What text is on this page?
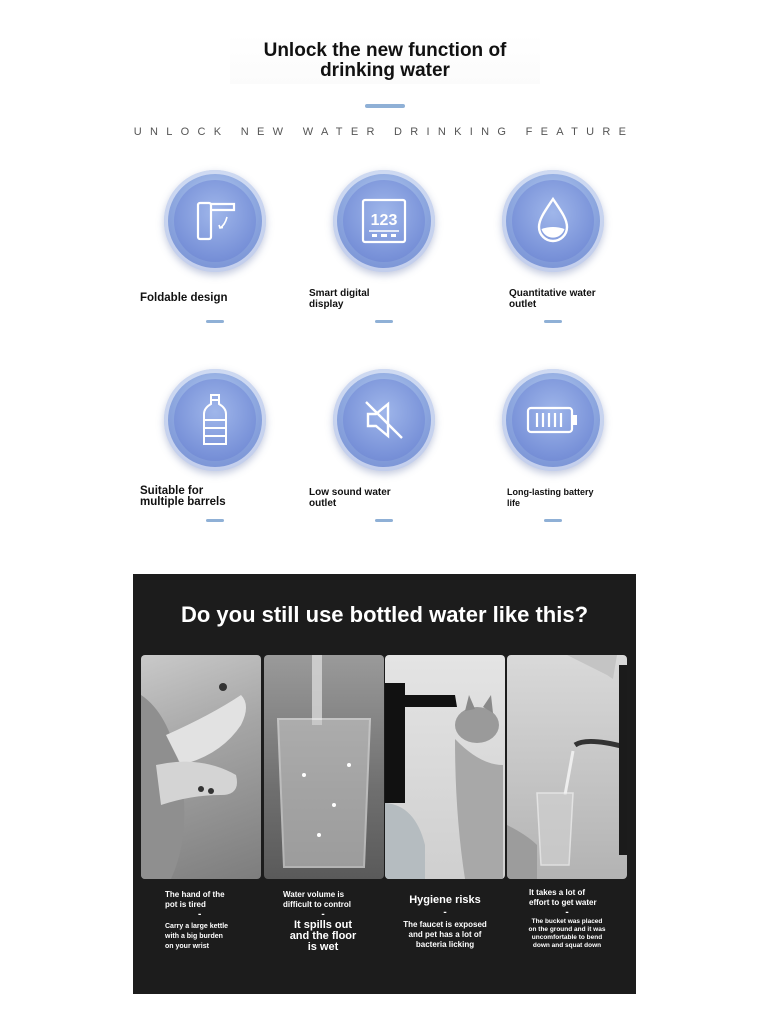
Unlock the new function of
drinking water
UNLOCK NEW WATER DRINKING FEATURE
Foldable design
123
Smart digital
display
Quantitative water
outlet
Suitable for
multiple barrels
Low sound water
outlet
Long-lasting battery
life
Do you still use bottled water like this?
The hand of the
pot is tired
-
Carry a large kettle
with a big burden
on your wrist
Water volume is
difficult to control
-
It spills out
and the floor
is wet
Hygiene risks
-
The faucet is exposed
and pet has a lot of
bacteria licking
It takes a lot of
effort to get water
-
The bucket was placed
on the ground and it was
uncomfortable to bend
down and squat down
